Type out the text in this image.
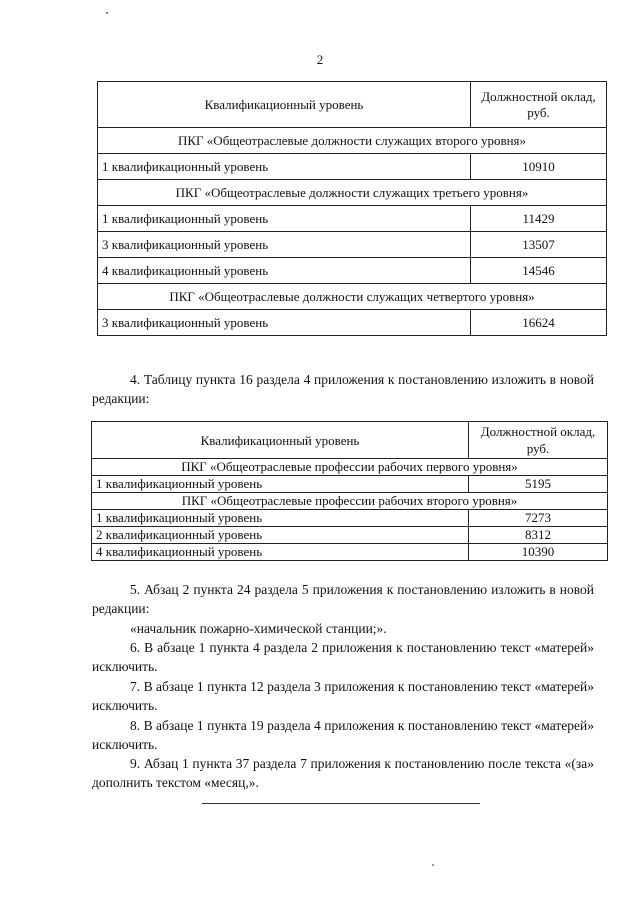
2
Квалификационный уровень	Должностной оклад, руб.
ПКГ «Общеотраслевые должности служащих второго уровня»	
1 квалификационный уровень	10910
ПКГ «Общеотраслевые должности служащих третьего уровня»	
1 квалификационный уровень	11429
3 квалификационный уровень	13507
4 квалификационный уровень	14546
ПКГ «Общеотраслевые должности служащих четвертого уровня»	
3 квалификационный уровень	16624
4. Таблицу пункта 16 раздела 4 приложения к постановлению изложить в новой редакции:
Квалификационный уровень	Должностной оклад, руб.
ПКГ «Общеотраслевые профессии рабочих первого уровня»	
1 квалификационный уровень	5195
ПКГ «Общеотраслевые профессии рабочих второго уровня»	
1 квалификационный уровень	7273
2 квалификационный уровень	8312
4 квалификационный уровень	10390
5. Абзац 2 пункта 24 раздела 5 приложения к постановлению изложить в новой редакции:
«начальник пожарно-химической станции;».
6. В абзаце 1 пункта 4 раздела 2 приложения к постановлению текст «матерей» исключить.
7. В абзаце 1 пункта 12 раздела 3 приложения к постановлению текст «матерей» исключить.
8. В абзаце 1 пункта 19 раздела 4 приложения к постановлению текст «матерей» исключить.
9. Абзац 1 пункта 37 раздела 7 приложения к постановлению после текста «(за» дополнить текстом «месяц,».
